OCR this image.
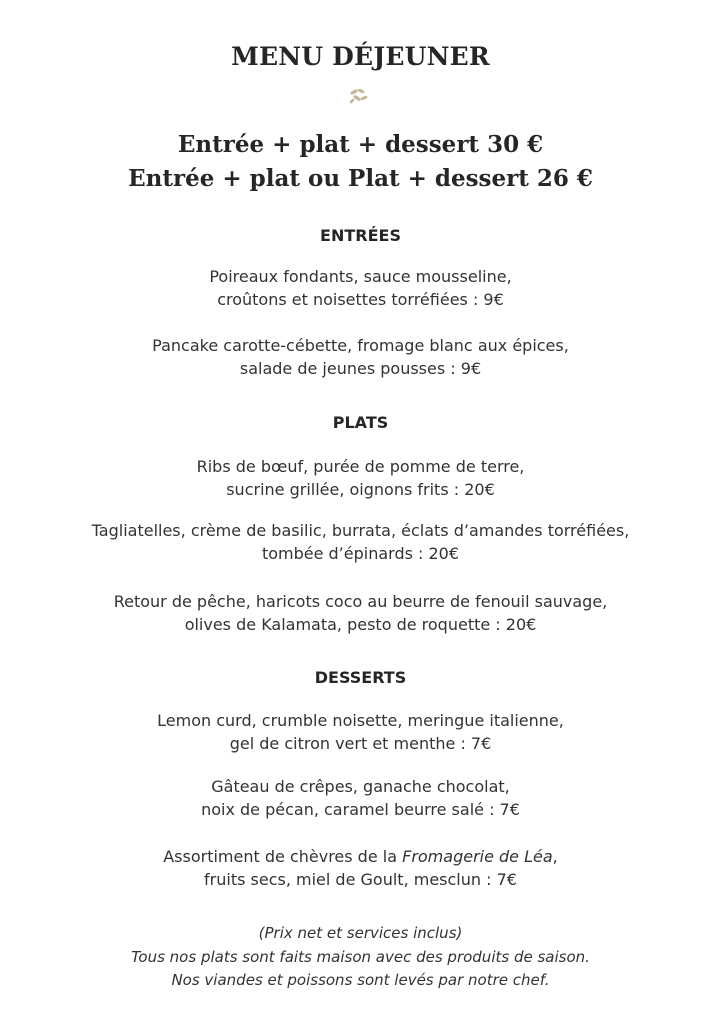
MENU DÉJEUNER
Entrée + plat + dessert 30 €
Entrée + plat ou Plat + dessert 26 €
ENTRÉES
Poireaux fondants, sauce mousseline,
croûtons et noisettes torréfiées : 9€
Pancake carotte-cébette, fromage blanc aux épices,
salade de jeunes pousses : 9€
PLATS
Ribs de bœuf, purée de pomme de terre,
sucrine grillée, oignons frits : 20€
Tagliatelles, crème de basilic, burrata, éclats d’amandes torréfiées,
tombée d’épinards : 20€
Retour de pêche, haricots coco au beurre de fenouil sauvage,
olives de Kalamata, pesto de roquette : 20€
DESSERTS
Lemon curd, crumble noisette, meringue italienne,
gel de citron vert et menthe : 7€
Gâteau de crêpes, ganache chocolat,
noix de pécan, caramel beurre salé : 7€
Assortiment de chèvres de la Fromagerie de Léa,
fruits secs, miel de Goult, mesclun : 7€
(Prix net et services inclus)
Tous nos plats sont faits maison avec des produits de saison.
Nos viandes et poissons sont levés par notre chef.
